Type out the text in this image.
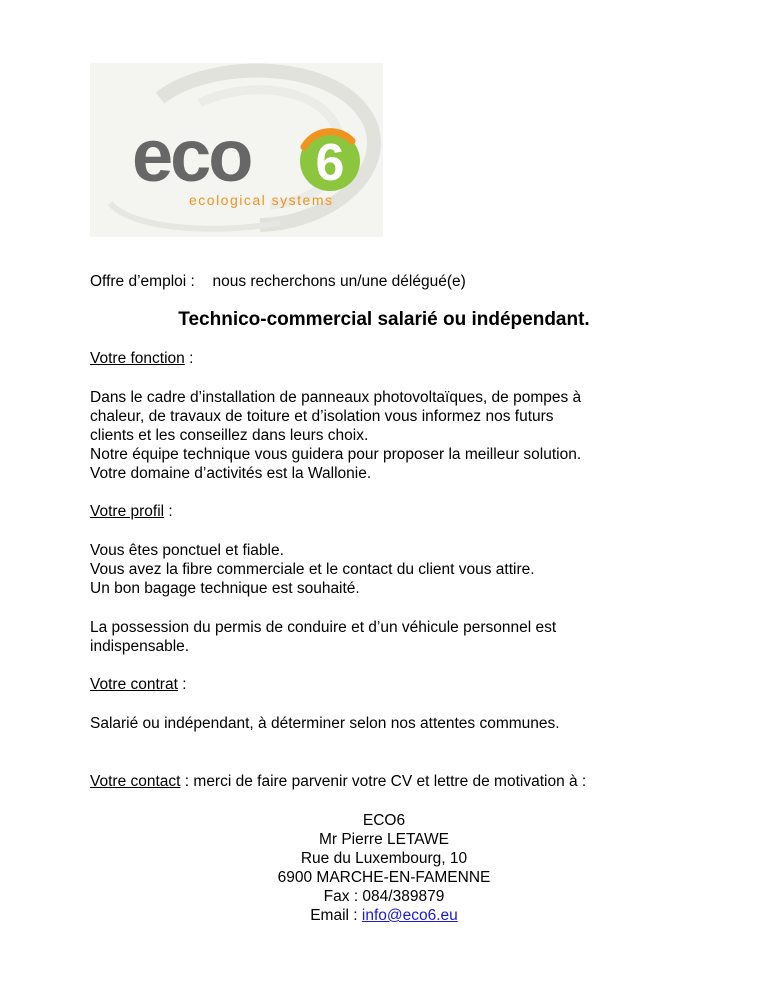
eco 6
ecological systems
Offre d’emploi : nous recherchons un/une délégué(e)
Technico-commercial salarié ou indépendant.
Votre fonction :
Dans le cadre d’installation de panneaux photovoltaïques, de pompes à
chaleur, de travaux de toiture et d’isolation vous informez nos futurs
clients et les conseillez dans leurs choix.
Notre équipe technique vous guidera pour proposer la meilleur solution.
Votre domaine d’activités est la Wallonie.
Votre profil :
Vous êtes ponctuel et fiable.
Vous avez la fibre commerciale et le contact du client vous attire.
Un bon bagage technique est souhaité.
La possession du permis de conduire et d’un véhicule personnel est
indispensable.
Votre contrat :
Salarié ou indépendant, à déterminer selon nos attentes communes.
Votre contact : merci de faire parvenir votre CV et lettre de motivation à :
ECO6
Mr Pierre LETAWE
Rue du Luxembourg, 10
6900 MARCHE-EN-FAMENNE
Fax : 084/389879
Email : info@eco6.eu
